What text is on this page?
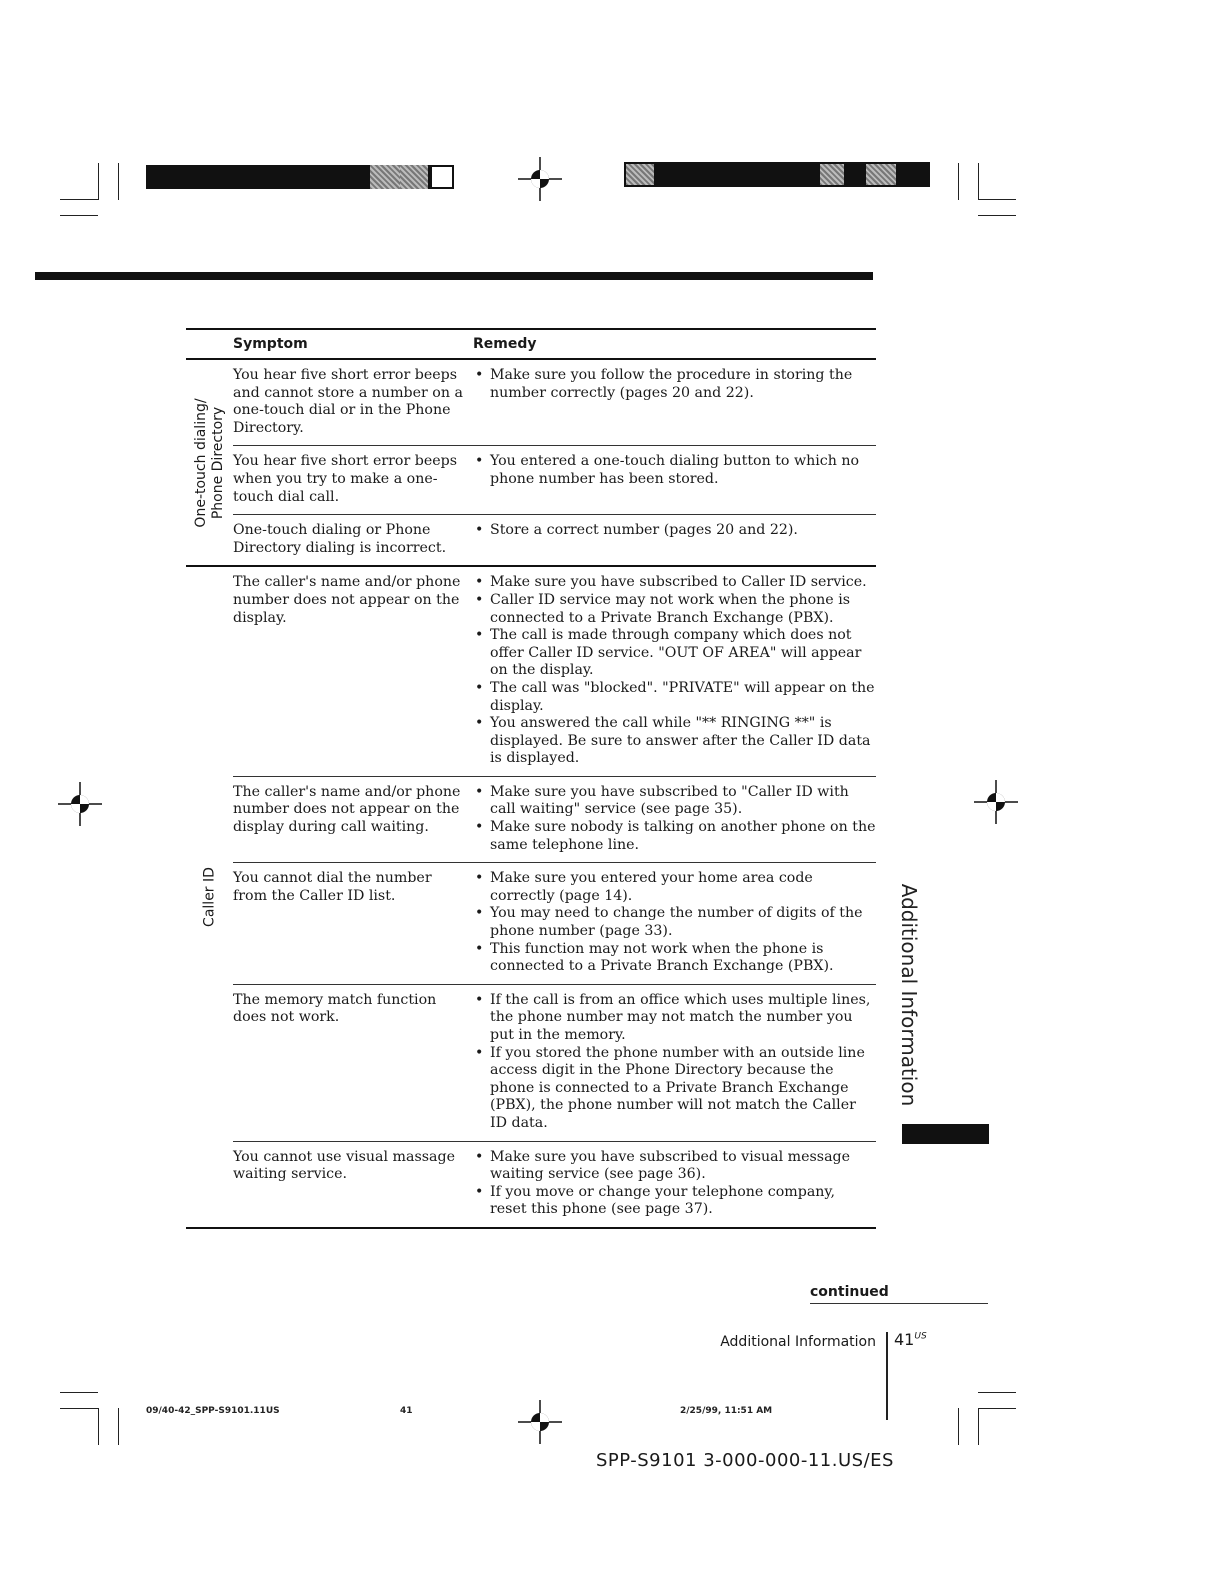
Symptom	Remedy
One-touch dialing/ Phone Directory
You hear five short error beeps and cannot store a number on a one-touch dial or in the Phone Directory.
• Make sure you follow the procedure in storing the number correctly (pages 20 and 22).
You hear five short error beeps when you try to make a one-touch dial call.
• You entered a one-touch dialing button to which no phone number has been stored.
One-touch dialing or Phone Directory dialing is incorrect.
• Store a correct number (pages 20 and 22).
Caller ID
The caller's name and/or phone number does not appear on the display.
• Make sure you have subscribed to Caller ID service.
• Caller ID service may not work when the phone is connected to a Private Branch Exchange (PBX).
• The call is made through company which does not offer Caller ID service. "OUT OF AREA" will appear on the display.
• The call was "blocked". "PRIVATE" will appear on the display.
• You answered the call while "** RINGING **" is displayed. Be sure to answer after the Caller ID data is displayed.
The caller's name and/or phone number does not appear on the display during call waiting.
• Make sure you have subscribed to "Caller ID with call waiting" service (see page 35).
• Make sure nobody is talking on another phone on the same telephone line.
You cannot dial the number from the Caller ID list.
• Make sure you entered your home area code correctly (page 14).
• You may need to change the number of digits of the phone number (page 33).
• This function may not work when the phone is connected to a Private Branch Exchange (PBX).
The memory match function does not work.
• If the call is from an office which uses multiple lines, the phone number may not match the number you put in the memory.
• If you stored the phone number with an outside line access digit in the Phone Directory because the phone is connected to a Private Branch Exchange (PBX), the phone number will not match the Caller ID data.
You cannot use visual massage waiting service.
• Make sure you have subscribed to visual message waiting service (see page 36).
• If you move or change your telephone company, reset this phone (see page 37).
Additional Information
continued
Additional Information $41^{US}$
09/40-42_SPP-S9101.11US	41	2/25/99, 11:51 AM
SPP-S9101 3-000-000-11.US/ES
